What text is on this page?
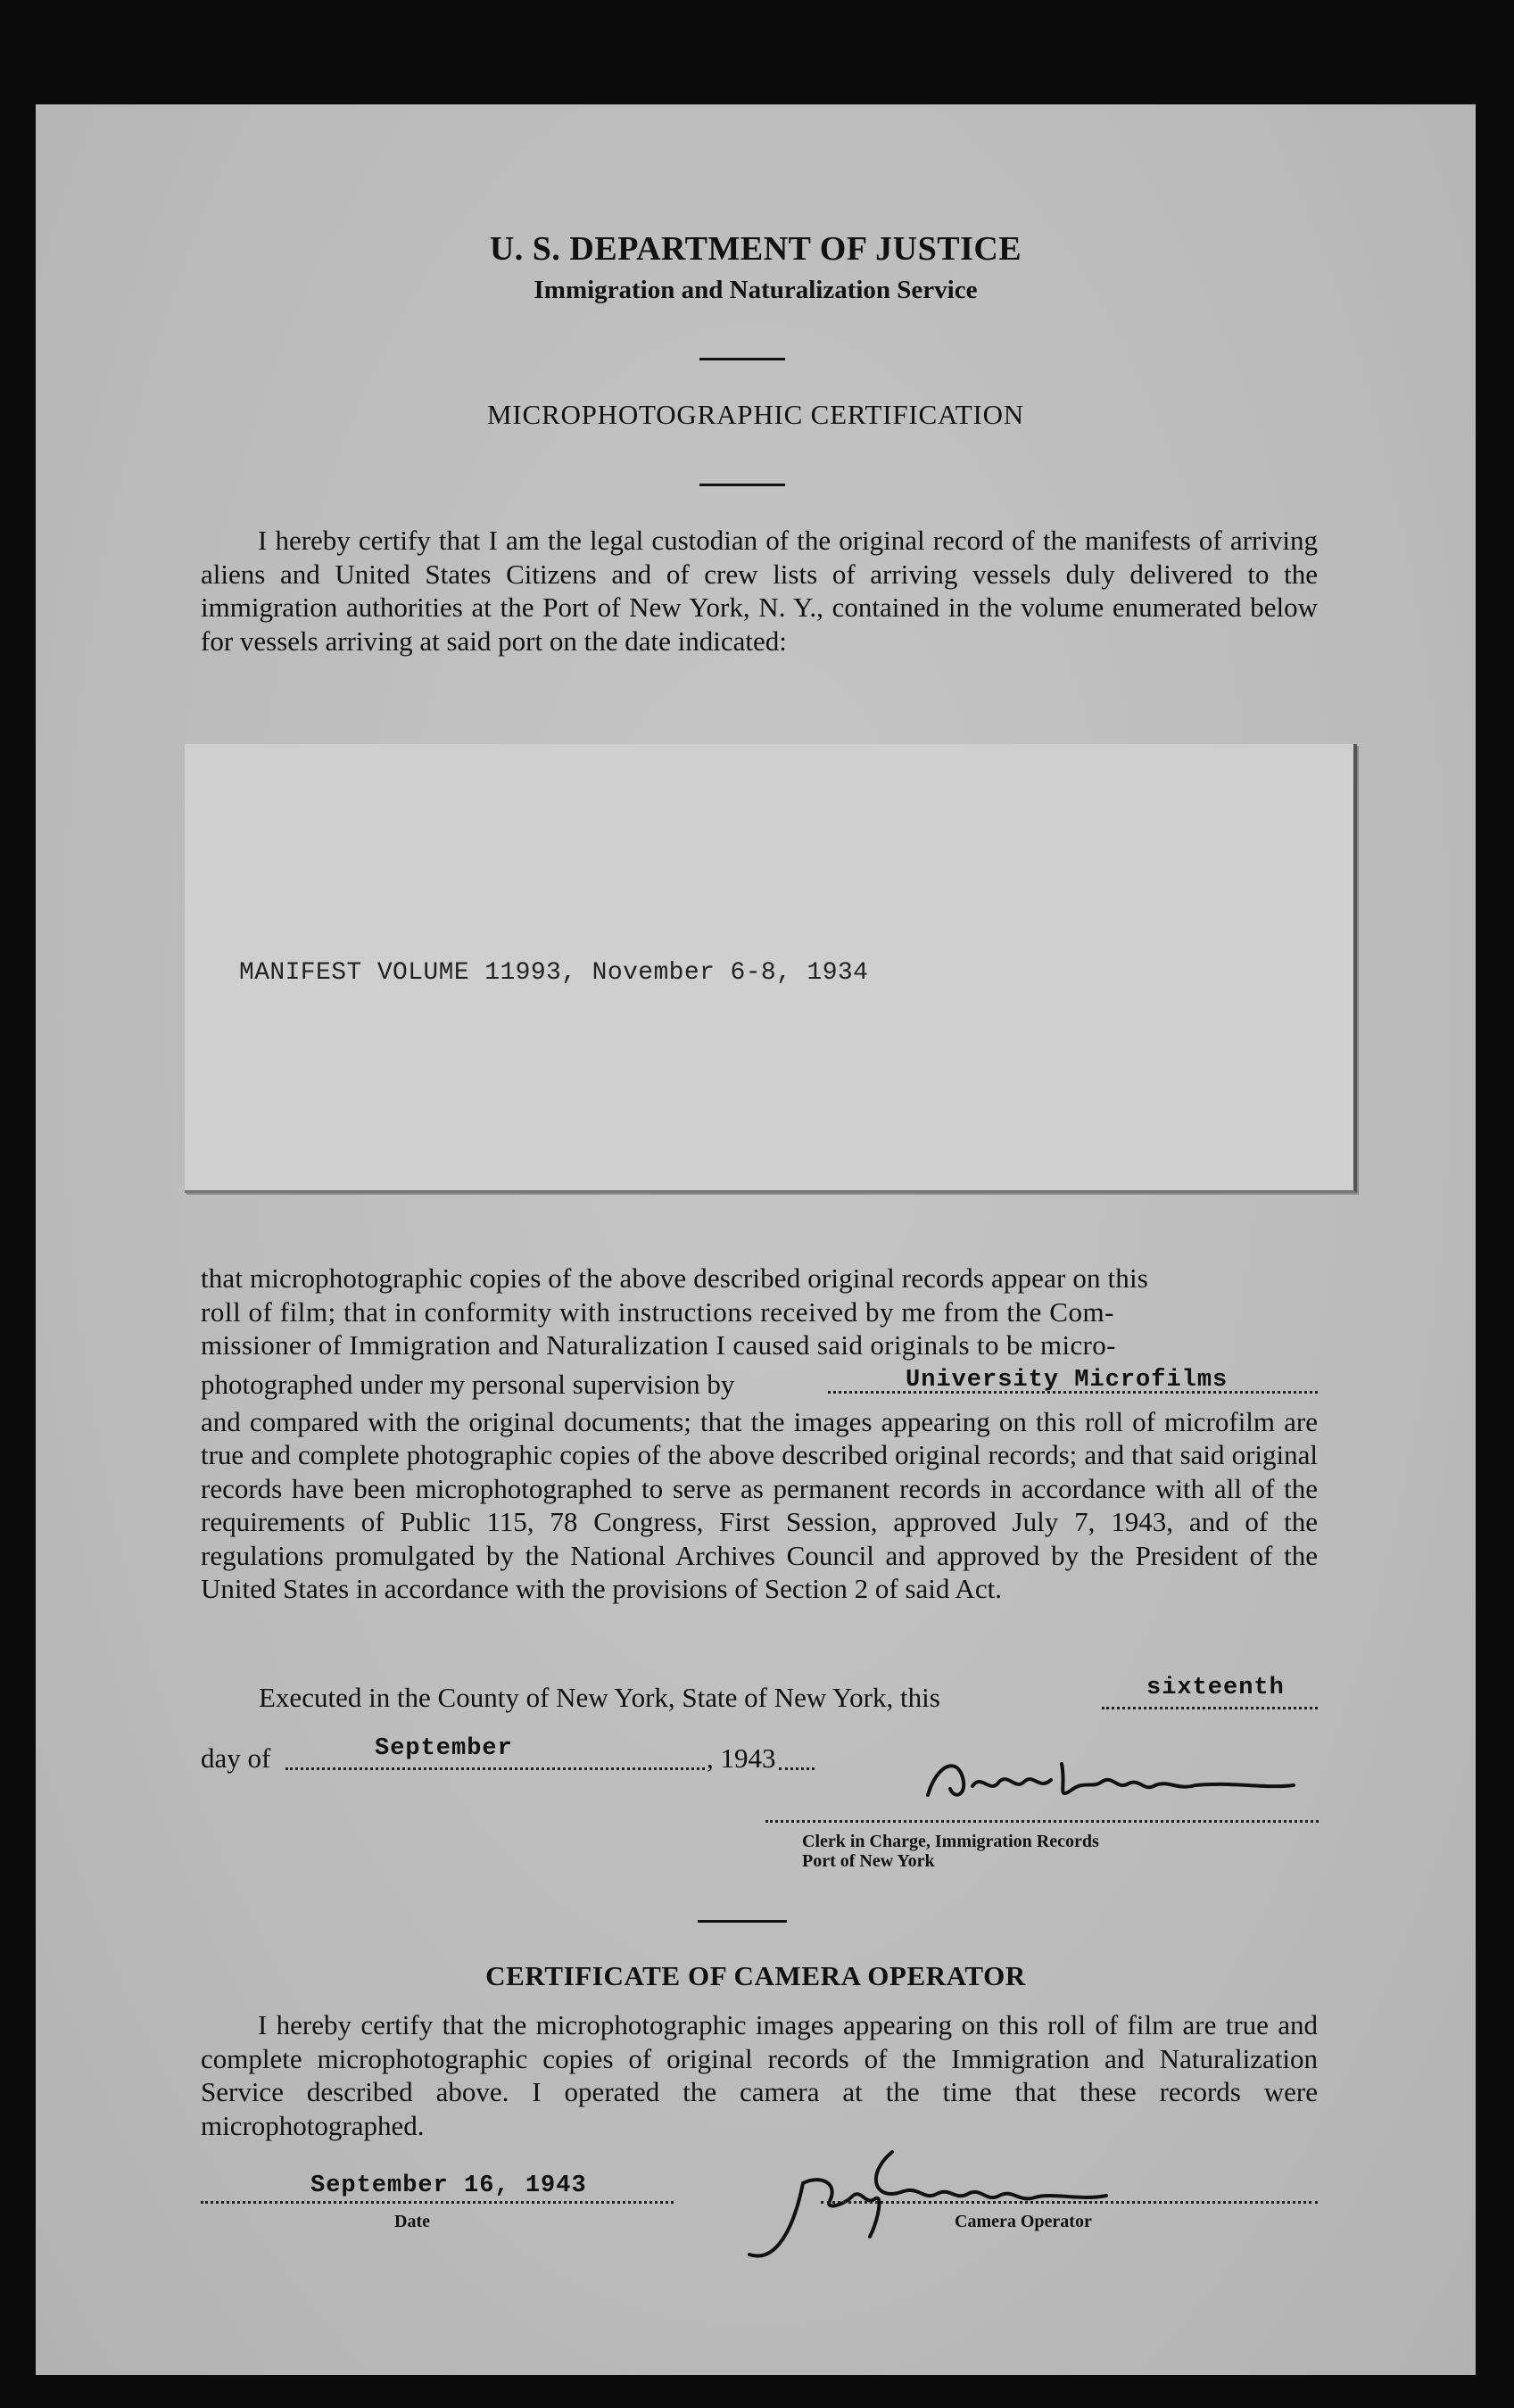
U. S. DEPARTMENT OF JUSTICE
Immigration and Naturalization Service
MICROPHOTOGRAPHIC CERTIFICATION
I hereby certify that I am the legal custodian of the original record of the manifests of arriving aliens and United States Citizens and of crew lists of arriving vessels duly delivered to the immigration authorities at the Port of New York, N. Y., contained in the volume enumerated below for vessels arriving at said port on the date indicated:
MANIFEST VOLUME 11993, November 6-8, 1934
that microphotographic copies of the above described original records appear on this
roll of film; that in conformity with instructions received by me from the Com-
missioner of Immigration and Naturalization I caused said originals to be micro-
photographed under my personal supervision by	University Microfilms
and compared with the original documents; that the images appearing on this roll of microfilm are true and complete photographic copies of the above described original records; and that said original records have been microphotographed to serve as permanent records in accordance with all of the requirements of Public 115, 78 Congress, First Session, approved July 7, 1943, and of the regulations promulgated by the National Archives Council and approved by the President of the United States in accordance with the provisions of Section 2 of said Act.
Executed in the County of New York, State of New York, this	sixteenth
day of	September	, 1943
Clerk in Charge, Immigration Records
Port of New York
CERTIFICATE OF CAMERA OPERATOR
I hereby certify that the microphotographic images appearing on this roll of film are true and complete microphotographic copies of original records of the Immigration and Naturalization Service described above. I operated the camera at the time that these records were microphotographed.
September 16, 1943
Date	Camera Operator
